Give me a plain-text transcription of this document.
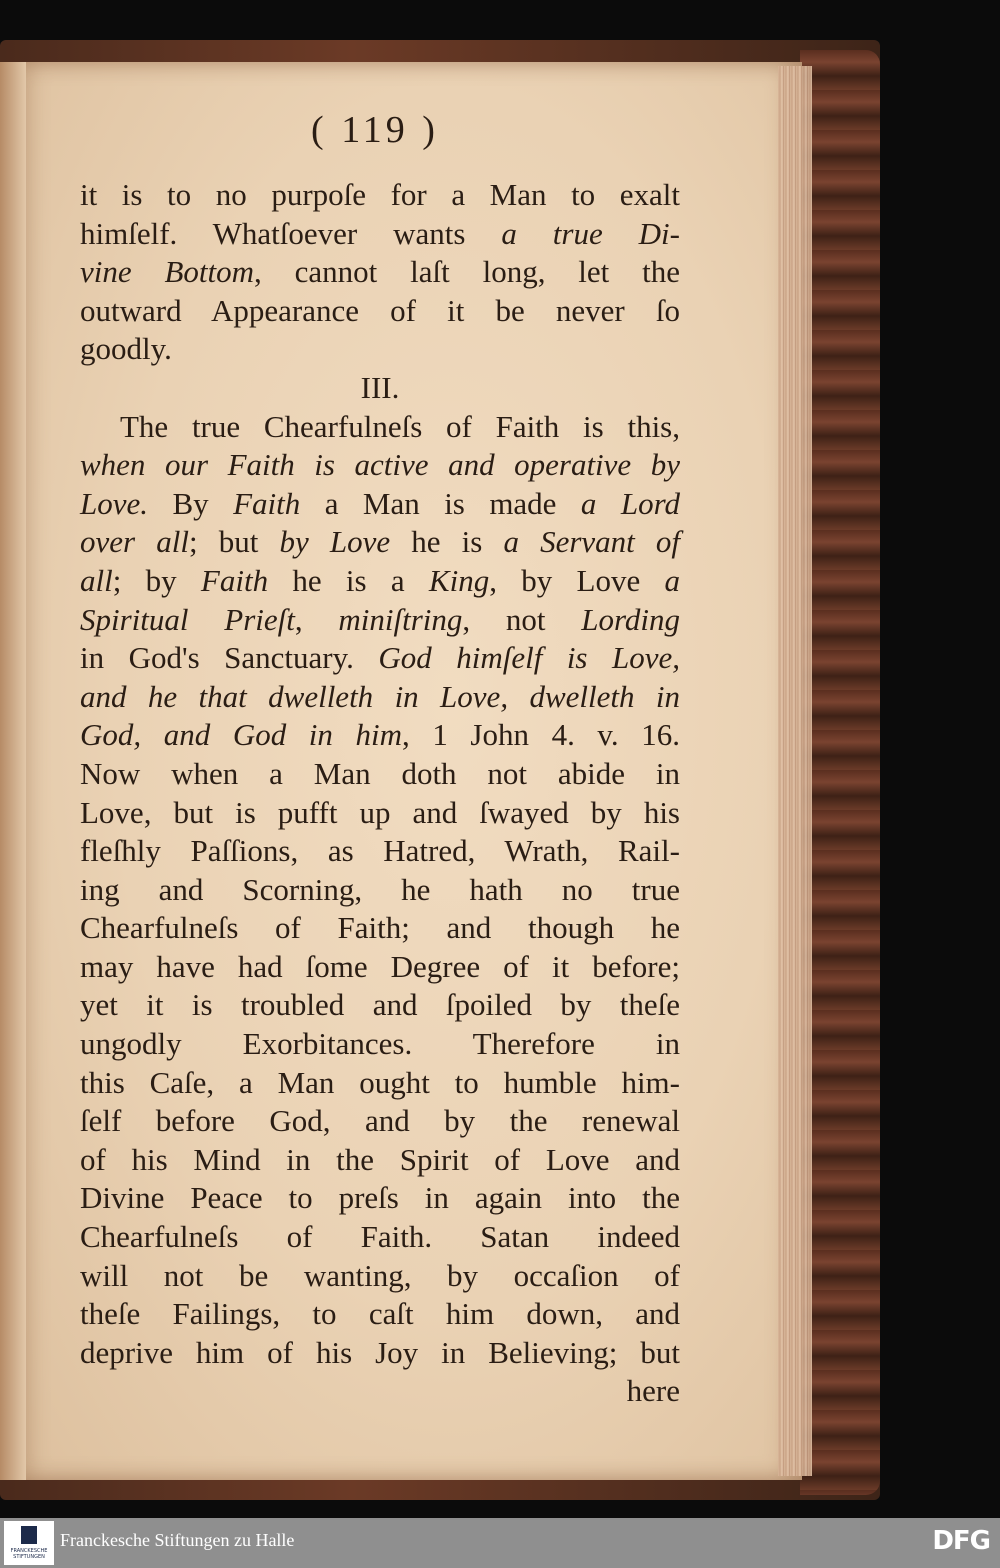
( 119 )
it is to no purpoſe for a Man to exalt
himſelf. Whatſoever wants a true Di-
vine Bottom, cannot laſt long, let the
outward Appearance of it be never ſo
goodly.
III.
The true Chearfulneſs of Faith is this,
when our Faith is active and operative by
Love. By Faith a Man is made a Lord
over all; but by Love he is a Servant of
all; by Faith he is a King, by Love a
Spiritual Prieſt, miniſtring, not Lording
in God's Sanctuary. God himſelf is Love,
and he that dwelleth in Love, dwelleth in
God, and God in him, 1 John 4. v. 16.
Now when a Man doth not abide in
Love, but is pufft up and ſwayed by his
fleſhly Paſſions, as Hatred, Wrath, Rail-
ing and Scorning, he hath no true
Chearfulneſs of Faith; and though he
may have had ſome Degree of it before;
yet it is troubled and ſpoiled by theſe
ungodly Exorbitances. Therefore in
this Caſe, a Man ought to humble him-
ſelf before God, and by the renewal
of his Mind in the Spirit of Love and
Divine Peace to preſs in again into the
Chearfulneſs of Faith. Satan indeed
will not be wanting, by occaſion of
theſe Failings, to caſt him down, and
deprive him of his Joy in Believing; but
here
FRANCKESCHE STIFTUNGEN
Franckesche Stiftungen zu Halle	DFG
